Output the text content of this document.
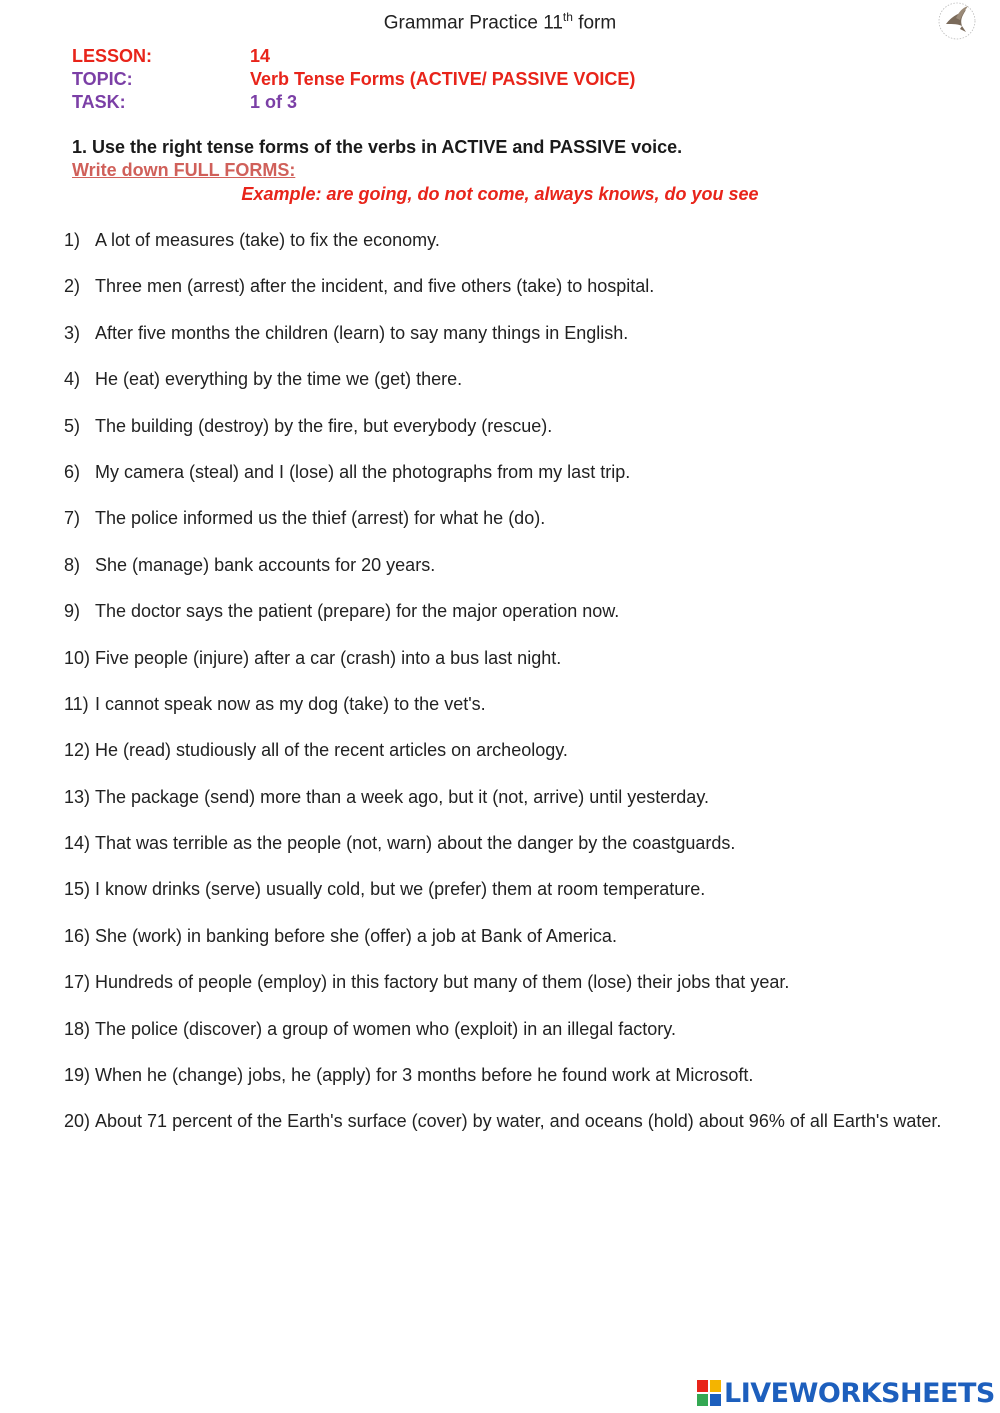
Grammar Practice 11th form
LESSON:	14
TOPIC:	Verb Tense Forms (ACTIVE/ PASSIVE VOICE)
TASK:	1 of 3
1. Use the right tense forms of the verbs in ACTIVE and PASSIVE voice.
Write down FULL FORMS:
Example: are going, do not come, always knows, do you see
1) A lot of measures (take) to fix the economy.
2) Three men (arrest) after the incident, and five others (take) to hospital.
3) After five months the children (learn) to say many things in English.
4) He (eat) everything by the time we (get) there.
5) The building (destroy) by the fire, but everybody (rescue).
6) My camera (steal) and I (lose) all the photographs from my last trip.
7) The police informed us the thief (arrest) for what he (do).
8) She (manage) bank accounts for 20 years.
9) The doctor says the patient (prepare) for the major operation now.
10) Five people (injure) after a car (crash) into a bus last night.
11) I cannot speak now as my dog (take) to the vet's.
12) He (read) studiously all of the recent articles on archeology.
13) The package (send) more than a week ago, but it (not, arrive) until yesterday.
14) That was terrible as the people (not, warn) about the danger by the coastguards.
15) I know drinks (serve) usually cold, but we (prefer) them at room temperature.
16) She (work) in banking before she (offer) a job at Bank of America.
17) Hundreds of people (employ) in this factory but many of them (lose) their jobs that year.
18) The police (discover) a group of women who (exploit) in an illegal factory.
19) When he (change) jobs, he (apply) for 3 months before he found work at Microsoft.
20) About 71 percent of the Earth's surface (cover) by water, and oceans (hold) about 96% of all Earth's water.
LIVEWORKSHEETS
